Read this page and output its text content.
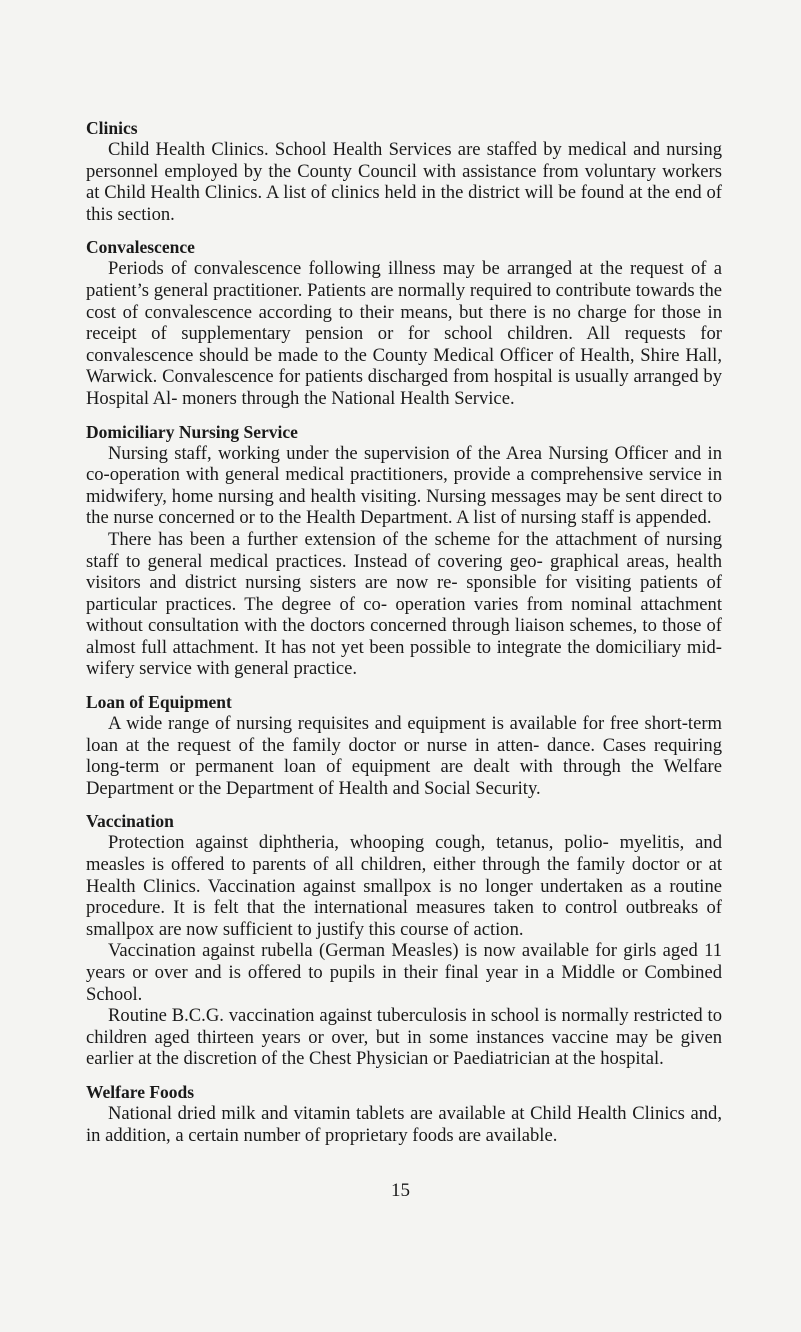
Clinics

Child Health Clinics. School Health Services are staffed by medical and nursing personnel employed by the County Council with assistance from voluntary workers at Child Health Clinics. A list of clinics held in the district will be found at the end of this section.

Convalescence

Periods of convalescence following illness may be arranged at the request of a patient’s general practitioner. Patients are normally required to contribute towards the cost of convalescence according to their means, but there is no charge for those in receipt of supplementary pension or for school children. All requests for convalescence should be made to the County Medical Officer of Health, Shire Hall, Warwick. Convalescence for patients discharged from hospital is usually arranged by Hospital Al- moners through the National Health Service.

Domiciliary Nursing Service

Nursing staff, working under the supervision of the Area Nursing Officer and in co-operation with general medical practitioners, provide a comprehensive service in midwifery, home nursing and health visiting. Nursing messages may be sent direct to the nurse concerned or to the Health Department. A list of nursing staff is appended.

There has been a further extension of the scheme for the attachment of nursing staff to general medical practices. Instead of covering geo- graphical areas, health visitors and district nursing sisters are now re- sponsible for visiting patients of particular practices. The degree of co- operation varies from nominal attachment without consultation with the doctors concerned through liaison schemes, to those of almost full attachment. It has not yet been possible to integrate the domiciliary mid- wifery service with general practice.

Loan of Equipment

A wide range of nursing requisites and equipment is available for free short-term loan at the request of the family doctor or nurse in atten- dance. Cases requiring long-term or permanent loan of equipment are dealt with through the Welfare Department or the Department of Health and Social Security.

Vaccination

Protection against diphtheria, whooping cough, tetanus, polio- myelitis, and measles is offered to parents of all children, either through the family doctor or at Health Clinics. Vaccination against smallpox is no longer undertaken as a routine procedure. It is felt that the international measures taken to control outbreaks of smallpox are now sufficient to justify this course of action.

Vaccination against rubella (German Measles) is now available for girls aged 11 years or over and is offered to pupils in their final year in a Middle or Combined School.

Routine B.C.G. vaccination against tuberculosis in school is normally restricted to children aged thirteen years or over, but in some instances vaccine may be given earlier at the discretion of the Chest Physician or Paediatrician at the hospital.

Welfare Foods

National dried milk and vitamin tablets are available at Child Health Clinics and, in addition, a certain number of proprietary foods are available.

15
